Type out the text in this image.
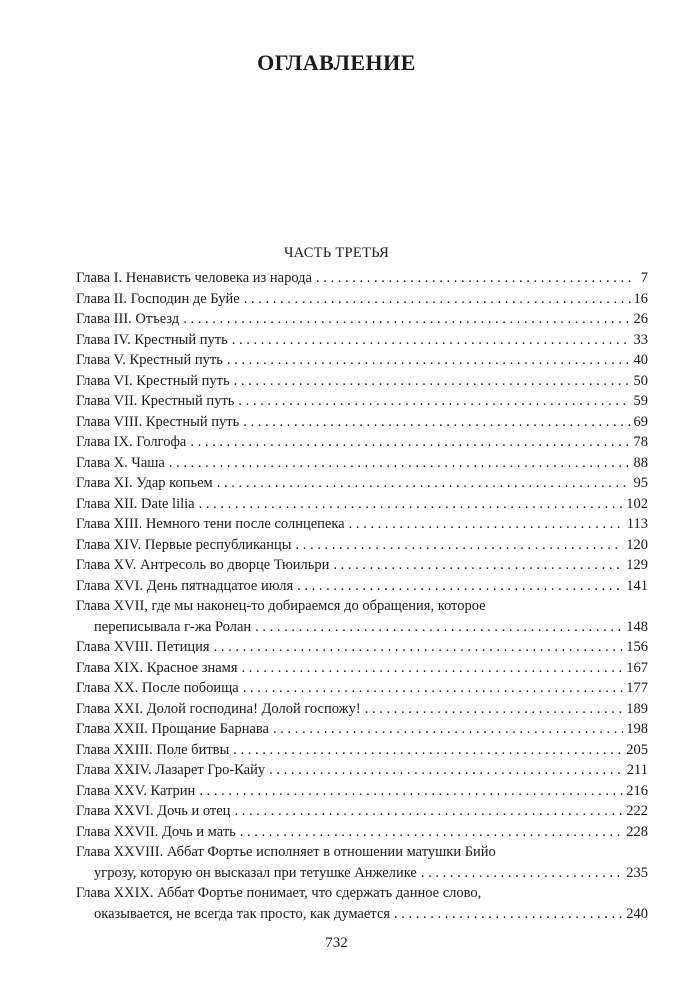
ОГЛАВЛЕНИЕ
ЧАСТЬ ТРЕТЬЯ
Глава I. Ненависть человека из народа . . .	7
Глава II. Господин де Буйе . . .	16
Глава III. Отъезд . . .	26
Глава IV. Крестный путь . . .	33
Глава V. Крестный путь . . .	40
Глава VI. Крестный путь . . .	50
Глава VII. Крестный путь . . .	59
Глава VIII. Крестный путь . . .	69
Глава IX. Голгофа . . .	78
Глава X. Чаша . . .	88
Глава XI. Удар копьем . . .	95
Глава XII. Date lilia . . .	102
Глава XIII. Немного тени после солнцепека . . .	113
Глава XIV. Первые республиканцы . . .	120
Глава XV. Антресоль во дворце Тюильри . . .	129
Глава XVI. День пятнадцатое июля . . .	141
Глава XVII, где мы наконец-то добираемся до обращения, которое
переписывала г-жа Ролан . . .	148
Глава XVIII. Петиция . . .	156
Глава XIX. Красное знамя . . .	167
Глава XX. После побоища . . .	177
Глава XXI. Долой господина! Долой госпожу! . . .	189
Глава XXII. Прощание Барнава . . .	198
Глава XXIII. Поле битвы . . .	205
Глава XXIV. Лазарет Гро-Кайу . . .	211
Глава XXV. Катрин . . .	216
Глава XXVI. Дочь и отец . . .	222
Глава XXVII. Дочь и мать . . .	228
Глава XXVIII. Аббат Фортье исполняет в отношении матушки Бийо
угрозу, которую он высказал при тетушке Анжелике . . .	235
Глава XXIX. Аббат Фортье понимает, что сдержать данное слово,
оказывается, не всегда так просто, как думается . . .	240
732
